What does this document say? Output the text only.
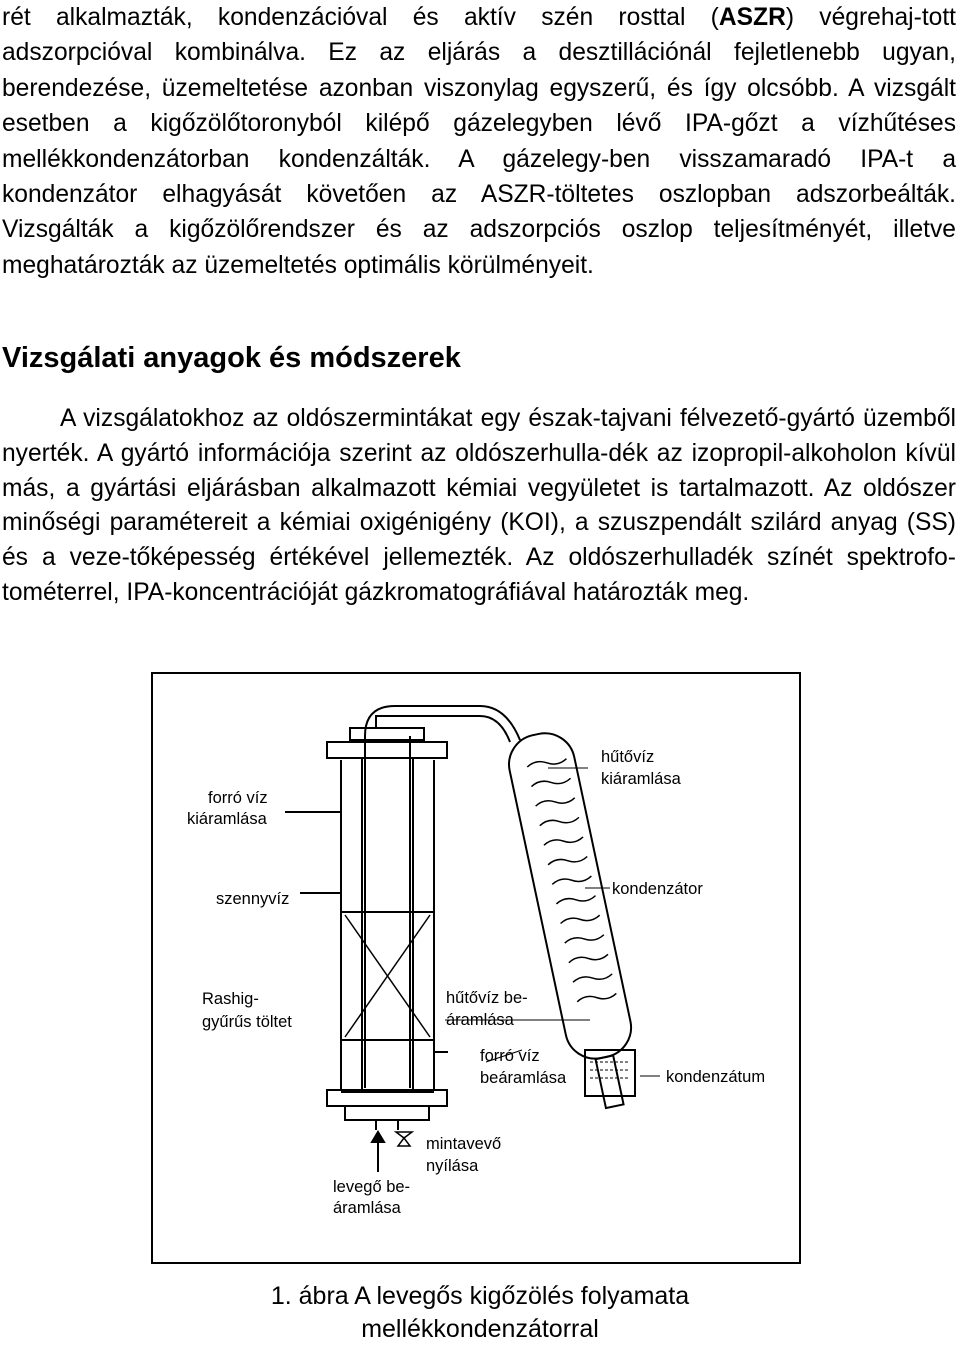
rét alkalmazták, kondenzációval és aktív szén rosttal (ASZR) végrehaj-tott adszorpcióval kombinálva. Ez az eljárás a desztillációnál fejletlenebb ugyan, berendezése, üzemeltetése azonban viszonylag egyszerű, és így olcsóbb. A vizsgált esetben a kigőzölőtoronyból kilépő gázelegyben lévő IPA-gőzt a vízhűtéses mellékkondenzátorban kondenzálták. A gázelegy-ben visszamaradó IPA-t a kondenzátor elhagyását követően az ASZR-töltetes oszlopban adszorbeálták. Vizsgálták a kigőzölőrendszer és az adszorpciós oszlop teljesítményét, illetve meghatározták az üzemeltetés optimális körülményeit.

Vizsgálati anyagok és módszerek

A vizsgálatokhoz az oldószermintákat egy észak-tajvani félvezető-gyártó üzemből nyerték. A gyártó információja szerint az oldószerhulla-dék az izopropil-alkoholon kívül más, a gyártási eljárásban alkalmazott kémiai vegyületet is tartalmazott. Az oldószer minőségi paramétereit a kémiai oxigénigény (KOI), a szuszpendált szilárd anyag (SS) és a veze-tőképesség értékével jellemezték. Az oldószerhulladék színét spektrofo-tométerrel, IPA-koncentrációját gázkromatográfiával határozták meg.

forró víz
kiáramlása
hűtővíz
kiáramlása
szennyvíz
kondenzátor
Rashig-
gyűrűs töltet
hűtővíz be-
áramlása
forró víz
beáramlása	kondenzátum
mintavevő
nyílása
levegő be-
áramlása

1. ábra A levegős kigőzölés folyamata
mellékkondenzátorral
